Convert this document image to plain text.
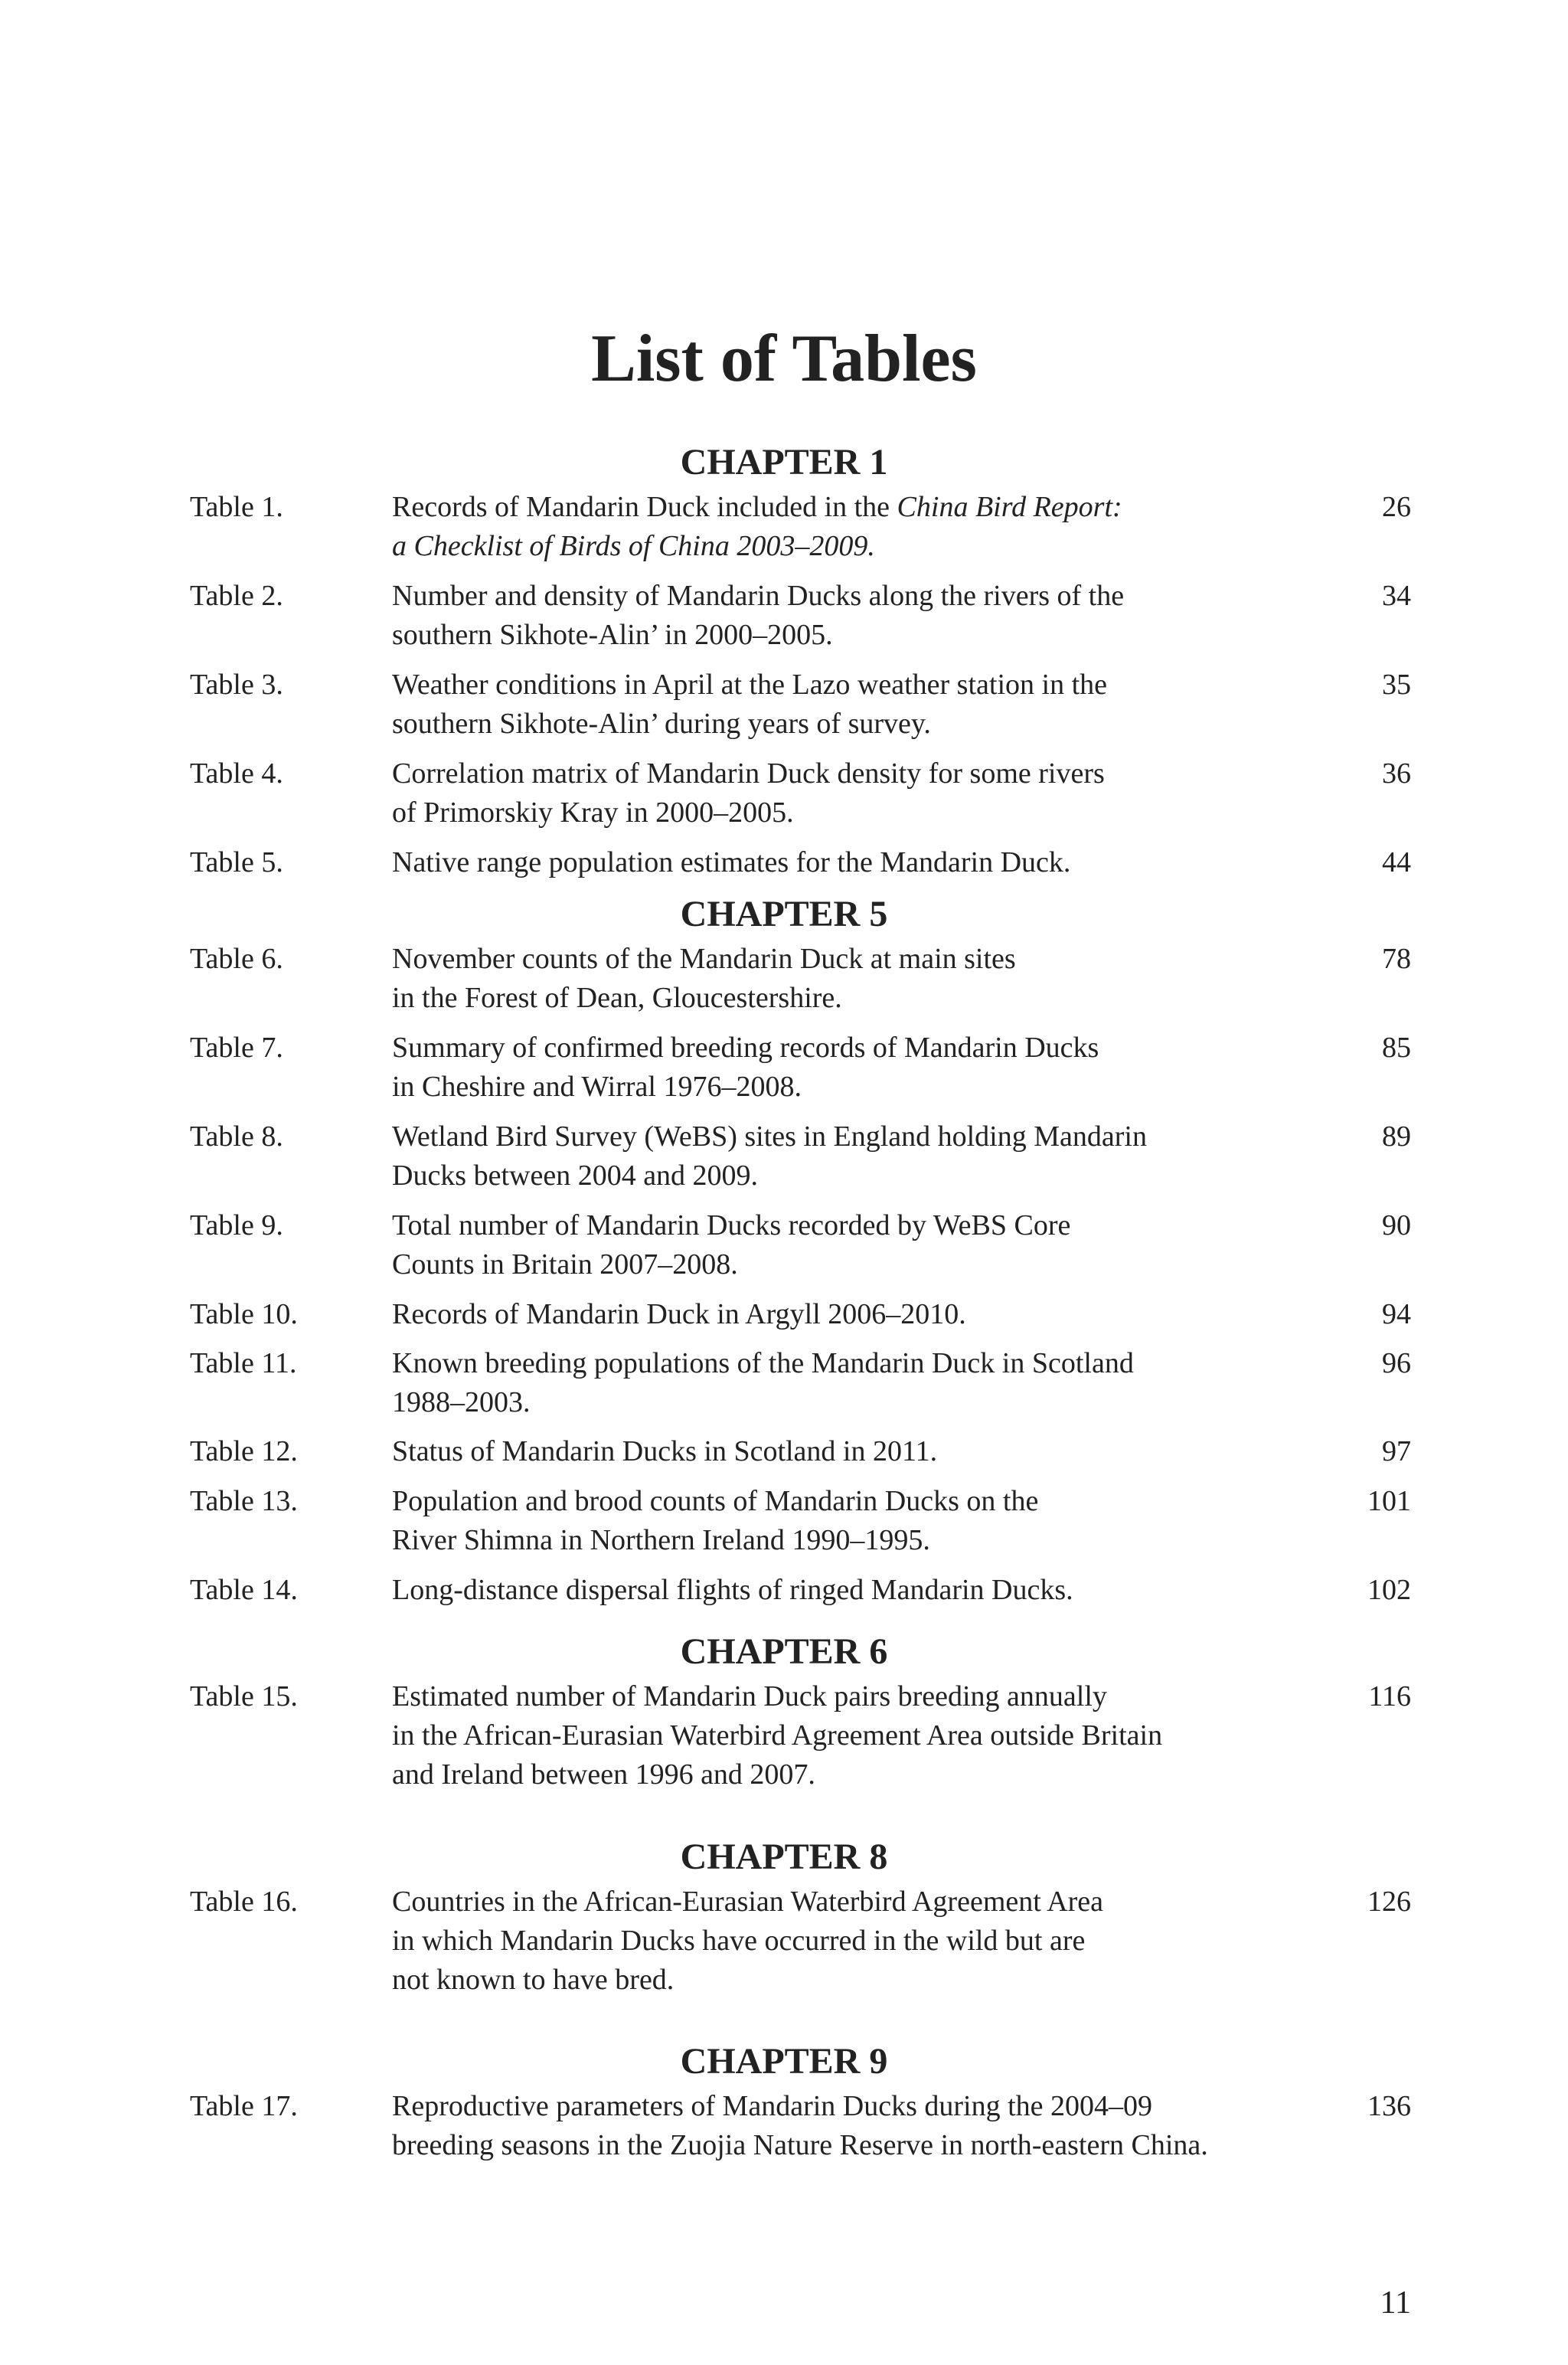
List of Tables
CHAPTER 1
Table 1.	Records of Mandarin Duck included in the China Bird Report:
a Checklist of Birds of China 2003–2009.
26
Table 2.	Number and density of Mandarin Ducks along the rivers of the
southern Sikhote-Alin’ in 2000–2005.
34
Table 3.	Weather conditions in April at the Lazo weather station in the
southern Sikhote-Alin’ during years of survey.
35
Table 4.	Correlation matrix of Mandarin Duck density for some rivers
of Primorskiy Kray in 2000–2005.
36
Table 5.	Native range population estimates for the Mandarin Duck.	44
CHAPTER 5
Table 6.	November counts of the Mandarin Duck at main sites
in the Forest of Dean, Gloucestershire.
78
Table 7.	Summary of confirmed breeding records of Mandarin Ducks
in Cheshire and Wirral 1976–2008.
85
Table 8.	Wetland Bird Survey (WeBS) sites in England holding Mandarin
Ducks between 2004 and 2009.
89
Table 9.	Total number of Mandarin Ducks recorded by WeBS Core
Counts in Britain 2007–2008.
90
Table 10.	Records of Mandarin Duck in Argyll 2006–2010.	94
Table 11.	Known breeding populations of the Mandarin Duck in Scotland
1988–2003.
96
Table 12.	Status of Mandarin Ducks in Scotland in 2011.	97
Table 13.	Population and brood counts of Mandarin Ducks on the
River Shimna in Northern Ireland 1990–1995.
101
Table 14.	Long-distance dispersal flights of ringed Mandarin Ducks.	102
CHAPTER 6
Table 15.	Estimated number of Mandarin Duck pairs breeding annually
in the African-Eurasian Waterbird Agreement Area outside Britain
and Ireland between 1996 and 2007.
116
CHAPTER 8
Table 16.	Countries in the African-Eurasian Waterbird Agreement Area
in which Mandarin Ducks have occurred in the wild but are
not known to have bred.
126
CHAPTER 9
Table 17.	Reproductive parameters of Mandarin Ducks during the 2004–09
breeding seasons in the Zuojia Nature Reserve in north-eastern China.
136
11
